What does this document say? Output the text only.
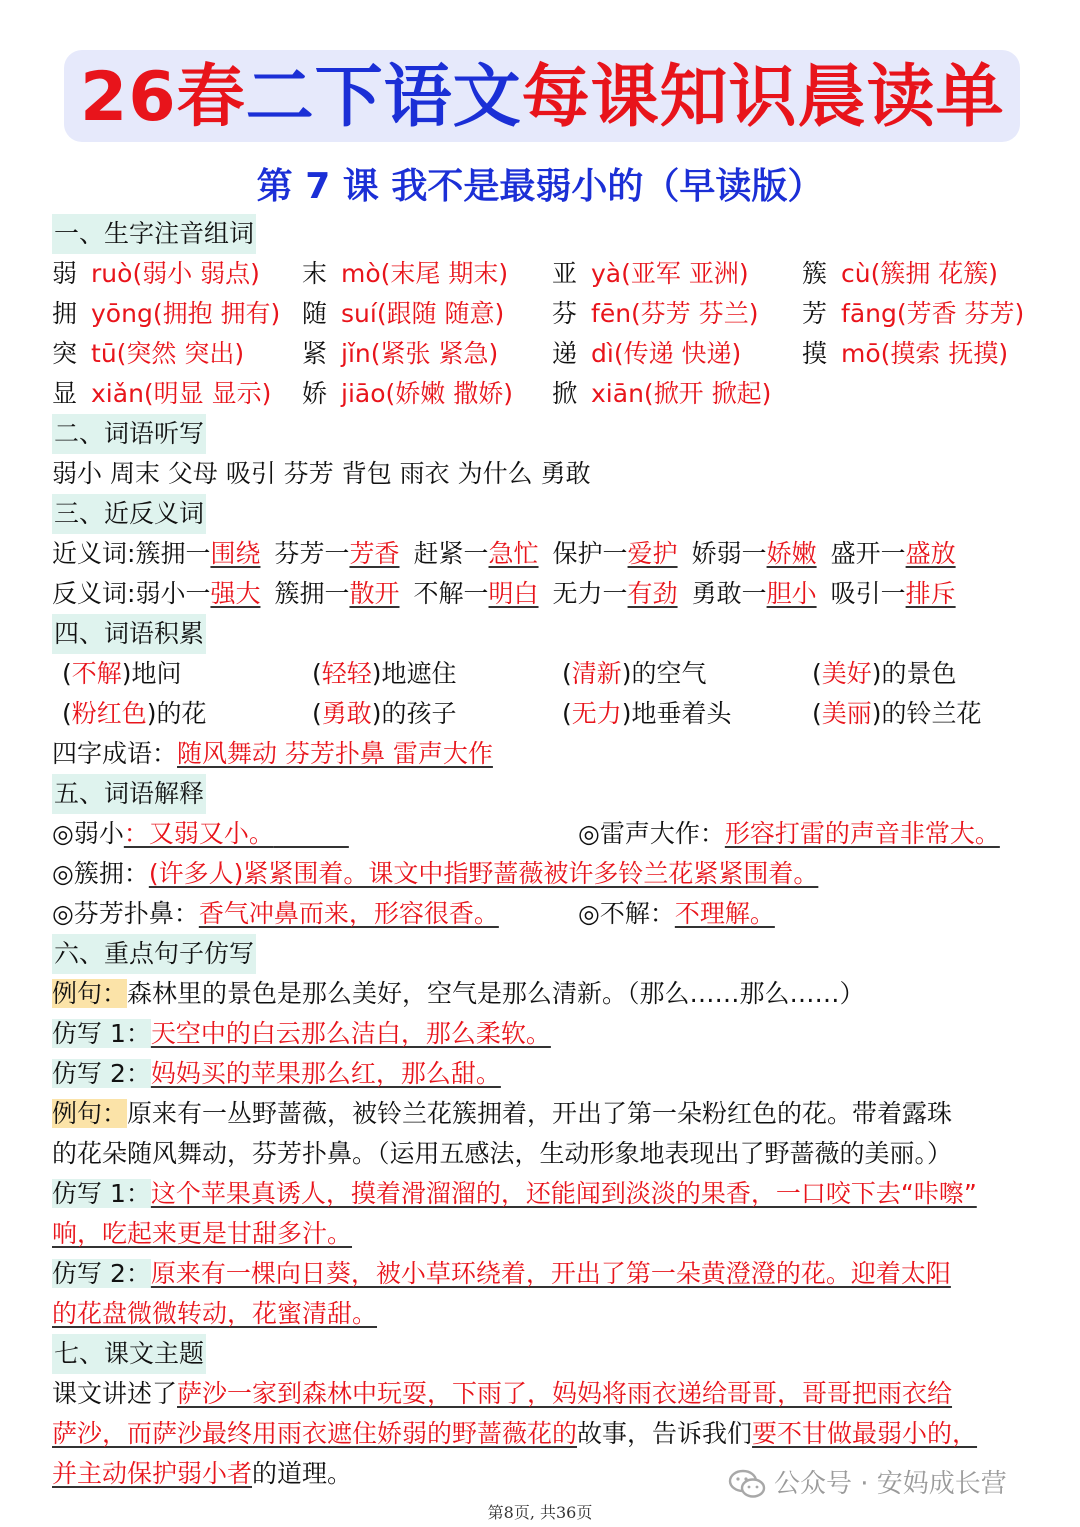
26春二下语文每课知识晨读单
第 7 课 我不是最弱小的（早读版）
一、生字注音组词
弱 ruò(弱小 弱点) 末 mò(末尾 期末) 亚 yà(亚军 亚洲) 簇 cù(簇拥 花簇)
拥 yōng(拥抱 拥有) 随 suí(跟随 随意) 芬 fēn(芬芳 芬兰) 芳 fāng(芳香 芬芳)
突 tū(突然 突出) 紧 jǐn(紧张 紧急) 递 dì(传递 快递) 摸 mō(摸索 抚摸)
显 xiǎn(明显 显示) 娇 jiāo(娇嫩 撒娇) 掀 xiān(掀开 掀起)
二、词语听写
弱小 周末 父母 吸引 芬芳 背包 雨衣 为什么 勇敢
三、近反义词
近义词:簇拥一围绕 芬芳一芳香 赶紧一急忙 保护一爱护 娇弱一娇嫩 盛开一盛放
反义词:弱小一强大 簇拥一散开 不解一明白 无力一有劲 勇敢一胆小 吸引一排斥
四、词语积累
(不解)地问	(轻轻)地遮住	(清新)的空气	(美好)的景色
(粉红色)的花	(勇敢)的孩子	(无力)地垂着头	(美丽)的铃兰花
四字成语：随风舞动 芬芳扑鼻 雷声大作
五、词语解释
◎弱小：又弱又小。   	◎雷声大作：形容打雷的声音非常大。
◎簇拥：(许多人)紧紧围着。课文中指野蔷薇被许多铃兰花紧紧围着。
◎芬芳扑鼻：香气冲鼻而来，形容很香。	◎不解：不理解。
六、重点句子仿写
例句：森林里的景色是那么美好，空气是那么清新。（那么……那么……）
仿写 1：天空中的白云那么洁白，那么柔软。
仿写 2：妈妈买的苹果那么红，那么甜。
例句：原来有一丛野蔷薇，被铃兰花簇拥着，开出了第一朵粉红色的花。带着露珠
的花朵随风舞动，芬芳扑鼻。（运用五感法，生动形象地表现出了野蔷薇的美丽。）
仿写 1：这个苹果真诱人，摸着滑溜溜的，还能闻到淡淡的果香，一口咬下去“咔嚓”
响，吃起来更是甘甜多汁。
仿写 2：原来有一棵向日葵，被小草环绕着，开出了第一朵黄澄澄的花。迎着太阳
的花盘微微转动，花蜜清甜。
七、课文主题
课文讲述了萨沙一家到森林中玩耍，下雨了，妈妈将雨衣递给哥哥，哥哥把雨衣给
萨沙，而萨沙最终用雨衣遮住娇弱的野蔷薇花的故事，告诉我们要不甘做最弱小的，
并主动保护弱小者的道理。	公众号 · 安妈成长营
第8页, 共36页
